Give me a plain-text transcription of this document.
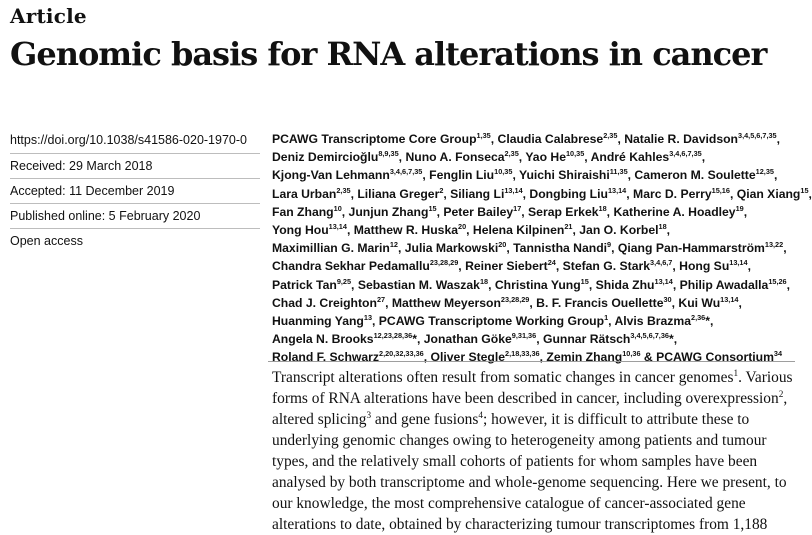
Article
Genomic basis for RNA alterations in cancer
https://doi.org/10.1038/s41586-020-1970-0
Received: 29 March 2018
Accepted: 11 December 2019
Published online: 5 February 2020
Open access
PCAWG Transcriptome Core Group$^{1,35}$, Claudia Calabrese$^{2,35}$, Natalie R. Davidson$^{3,4,5,6,7,35}$,
Deniz Demircioğlu$^{8,9,35}$, Nuno A. Fonseca$^{2,35}$, Yao He$^{10,35}$, André Kahles$^{3,4,6,7,35}$,
Kjong-Van Lehmann$^{3,4,6,7,35}$, Fenglin Liu$^{10,35}$, Yuichi Shiraishi$^{11,35}$, Cameron M. Soulette$^{12,35}$,
Lara Urban$^{2,35}$, Liliana Greger$^2$, Siliang Li$^{13,14}$, Dongbing Liu$^{13,14}$, Marc D. Perry$^{15,16}$, Qian Xiang$^{15}$,
Fan Zhang$^{10}$, Junjun Zhang$^{15}$, Peter Bailey$^{17}$, Serap Erkek$^{18}$, Katherine A. Hoadley$^{19}$,
Yong Hou$^{13,14}$, Matthew R. Huska$^{20}$, Helena Kilpinen$^{21}$, Jan O. Korbel$^{18}$,
Maximillian G. Marin$^{12}$, Julia Markowski$^{20}$, Tannistha Nandi$^9$, Qiang Pan-Hammarström$^{13,22}$,
Chandra Sekhar Pedamallu$^{23,28,29}$, Reiner Siebert$^{24}$, Stefan G. Stark$^{3,4,6,7}$, Hong Su$^{13,14}$,
Patrick Tan$^{9,25}$, Sebastian M. Waszak$^{18}$, Christina Yung$^{15}$, Shida Zhu$^{13,14}$, Philip Awadalla$^{15,26}$,
Chad J. Creighton$^{27}$, Matthew Meyerson$^{23,28,29}$, B. F. Francis Ouellette$^{30}$, Kui Wu$^{13,14}$,
Huanming Yang$^{13}$, PCAWG Transcriptome Working Group$^1$, Alvis Brazma$^{2,36}$*,
Angela N. Brooks$^{12,23,28,36}$*, Jonathan Göke$^{9,31,36}$, Gunnar Rätsch$^{3,4,5,6,7,36}$*,
Roland F. Schwarz$^{2,20,32,33,36}$, Oliver Stegle$^{2,18,33,36}$, Zemin Zhang$^{10,36}$ & PCAWG Consortium$^{34}$
Transcript alterations often result from somatic changes in cancer genomes$^1$. Various
forms of RNA alterations have been described in cancer, including overexpression$^2$,
altered splicing$^3$ and gene fusions$^4$; however, it is difficult to attribute these to
underlying genomic changes owing to heterogeneity among patients and tumour
types, and the relatively small cohorts of patients for whom samples have been
analysed by both transcriptome and whole-genome sequencing. Here we present, to
our knowledge, the most comprehensive catalogue of cancer-associated gene
alterations to date, obtained by characterizing tumour transcriptomes from 1,188
